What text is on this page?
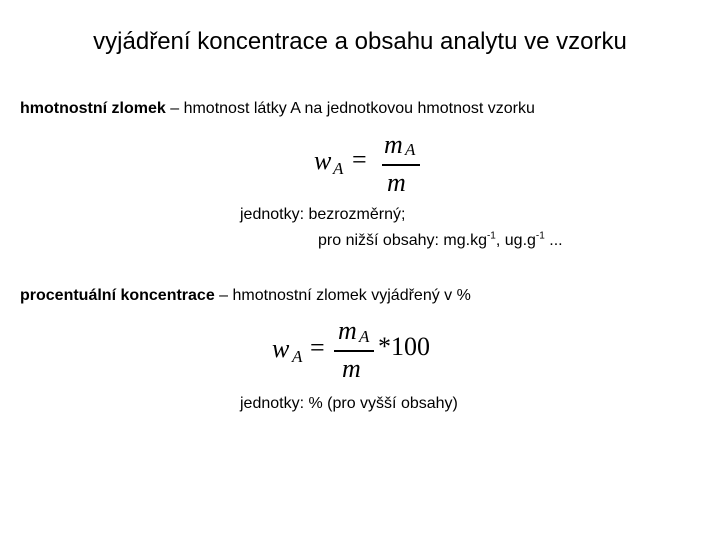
vyjádření koncentrace a obsahu analytu ve vzorku
hmotnostní zlomek – hmotnost látky A na jednotkovou hmotnost vzorku
w A =
m A
m
jednotky: bezrozměrný;
pro nižší obsahy: $mg.kg^{-1}$, $ug.g^{-1}$ ...
procentuální koncentrace – hmotnostní zlomek vyjádřený v %
w A =
m A
m
*100
jednotky: % (pro vyšší obsahy)
